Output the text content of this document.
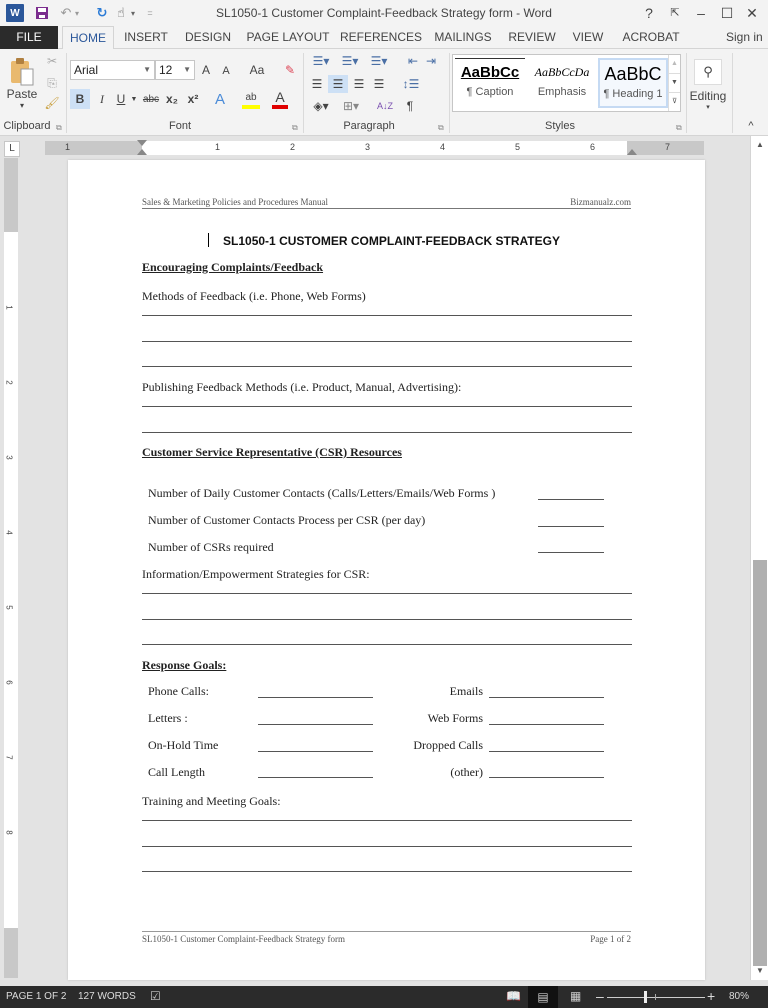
W	↶ ▾ ↻ ☝ ▾ =	SL1050-1 Customer Complaint-Feedback Strategy form - Word	?	⇱	–	☐ ✕
FILE	HOME	INSERT	DESIGN PAGE LAYOUT REFERENCES MAILINGS REVIEW	VIEW	ACROBAT	Sign in
Paste
▾
✂
⎘
🖌
Clipboard ⧉
Arial	▼ 12 ▼ A A	Aa	✎
B	I	U ▼ abc x₂ x² A	ab A
Font	⧉
☰▾	☰▾	☰▾	⇤ ⇥
☰ ☰ ☰ ☰	↕☰
◈▾	⊞▾	A↓Z	¶
Paragraph	⧉
AaBbCc
¶ Caption
AaBbCcDa
Emphasis
AaBbC
¶ Heading 1
▲
▼
⊽
Styles	⧉
⚲
Editing
▾
^
L	1	1	2	3	4	5	6	7
1
2
3
4
5
6
7
8
Sales & Marketing Policies and Procedures Manual	Bizmanualz.com
SL1050-1 CUSTOMER COMPLAINT-FEEDBACK STRATEGY
Encouraging Complaints/Feedback
Methods of Feedback (i.e. Phone, Web Forms)
Publishing Feedback Methods (i.e. Product, Manual, Advertising):
Customer Service Representative (CSR) Resources
Number of Daily Customer Contacts (Calls/Letters/Emails/Web Forms )
Number of Customer Contacts Process per CSR (per day)
Number of CSRs required
Information/Empowerment Strategies for CSR:
Response Goals:
Phone Calls:	Emails
Letters :	Web Forms
On-Hold Time	Dropped Calls
Call Length	(other)
Training and Meeting Goals:
SL1050-1 Customer Complaint-Feedback Strategy form	Page 1 of 2
▲
▼
PAGE 1 OF 2 127 WORDS ☑	📖	▤	▦ –	+ 80%
